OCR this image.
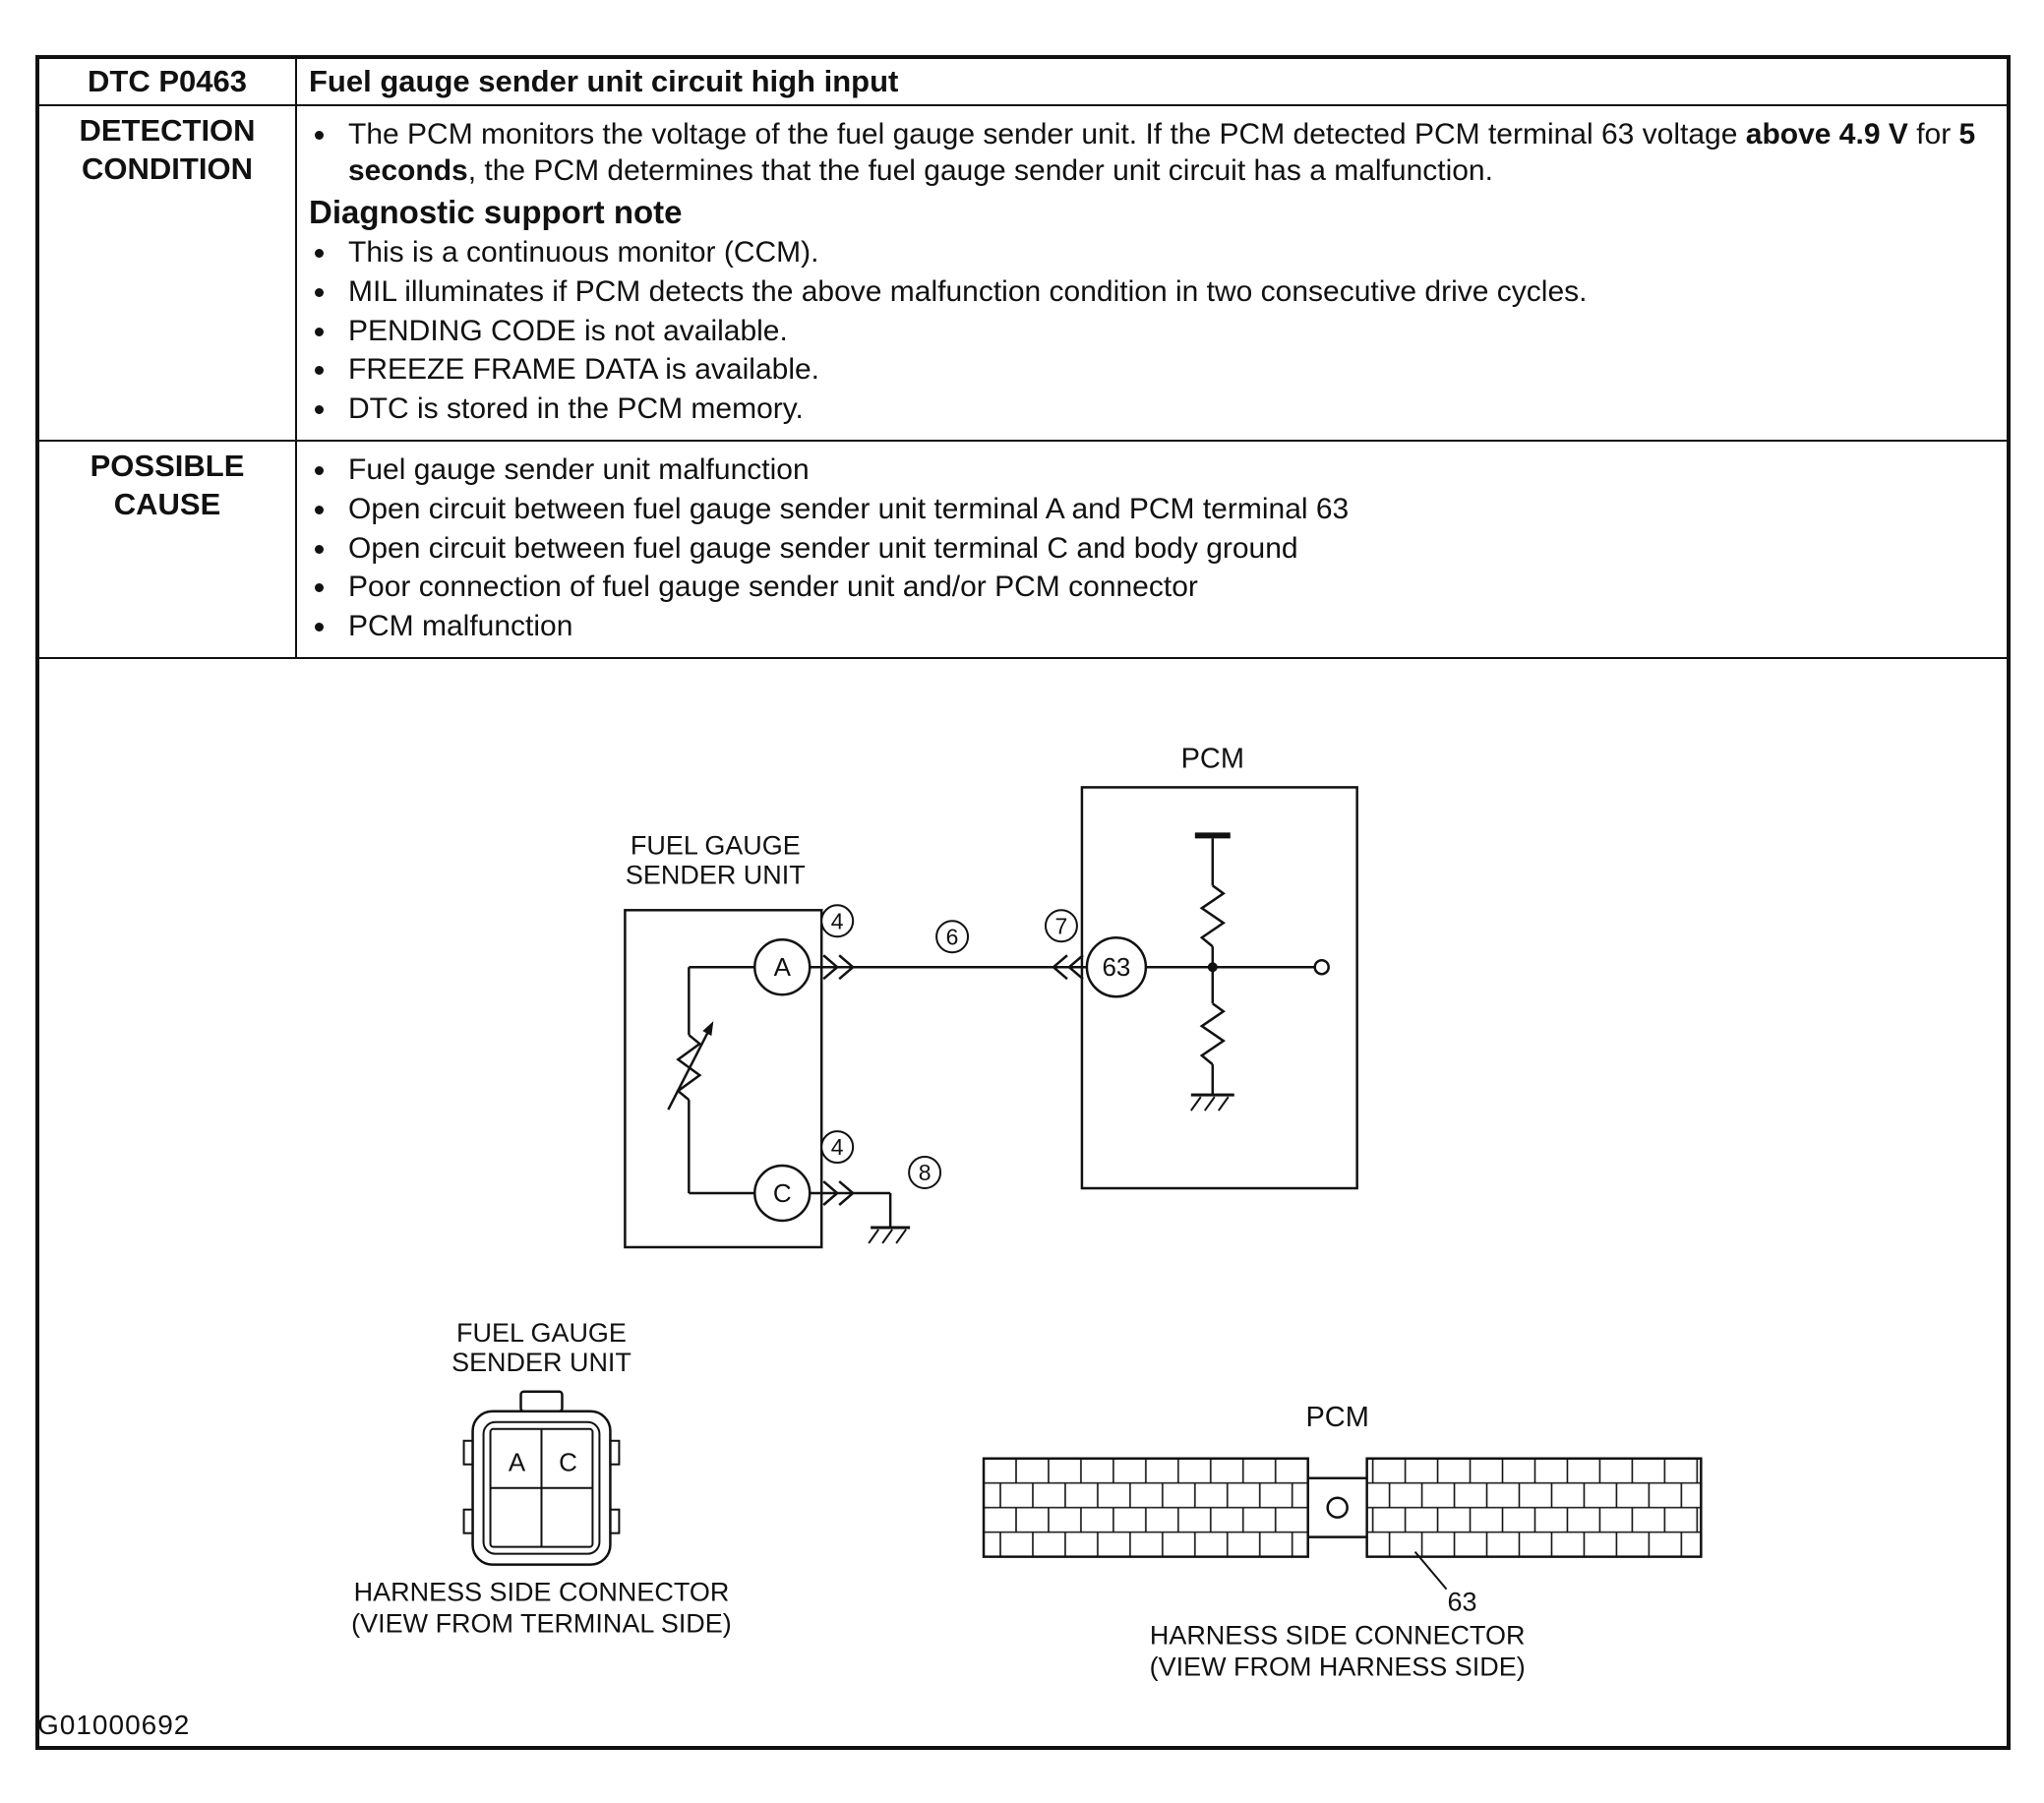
DTC P0463	Fuel gauge sender unit circuit high input

DETECTION
CONDITION

• The PCM monitors the voltage of the fuel gauge sender unit. If the PCM detected PCM terminal 63 voltage above 4.9 V for 5 seconds, the PCM determines that the fuel gauge sender unit circuit has a malfunction.
Diagnostic support note
• This is a continuous monitor (CCM).
• MIL illuminates if PCM detects the above malfunction condition in two consecutive drive cycles.
• PENDING CODE is not available.
• FREEZE FRAME DATA is available.
• DTC is stored in the PCM memory.

POSSIBLE
CAUSE

• Fuel gauge sender unit malfunction
• Open circuit between fuel gauge sender unit terminal A and PCM terminal 63
• Open circuit between fuel gauge sender unit terminal C and body ground
• Poor connection of fuel gauge sender unit and/or PCM connector
• PCM malfunction

PCM
63
FUEL GAUGE
SENDER UNIT
A
C
4
6	7
4
8
FUEL GAUGE
SENDER UNIT
A C
HARNESS SIDE CONNECTOR
(VIEW FROM TERMINAL SIDE)
PCM
63
HARNESS SIDE CONNECTOR
(VIEW FROM HARNESS SIDE)
G01000692
